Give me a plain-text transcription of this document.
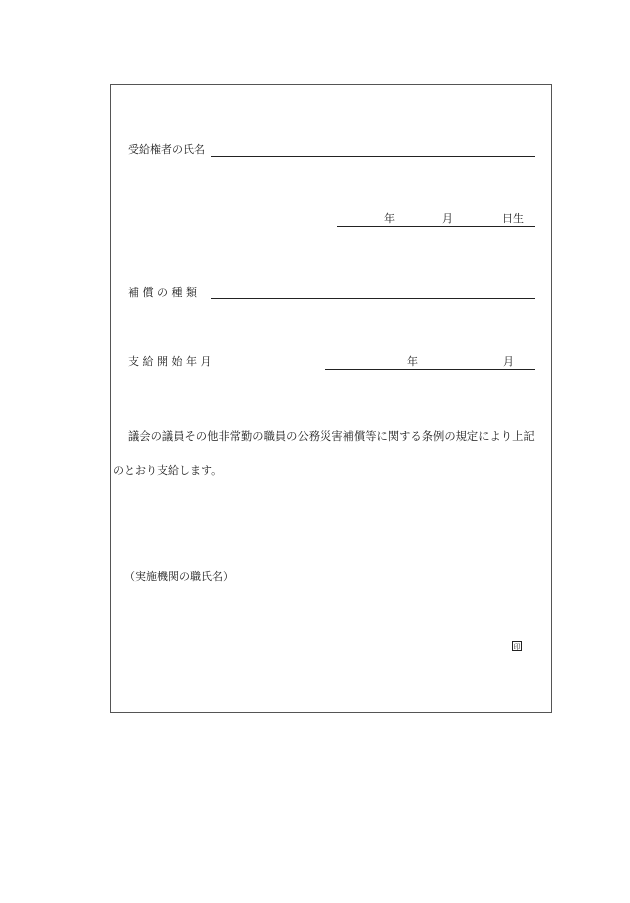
受給権者の氏名
年	月	日生
補 償 の 種 類
支 給 開 始 年 月	年	月
議会の議員その他非常勤の職員の公務災害補償等に関する条例の規定により上記
のとおり支給します。
（実施機関の職氏名）
印
